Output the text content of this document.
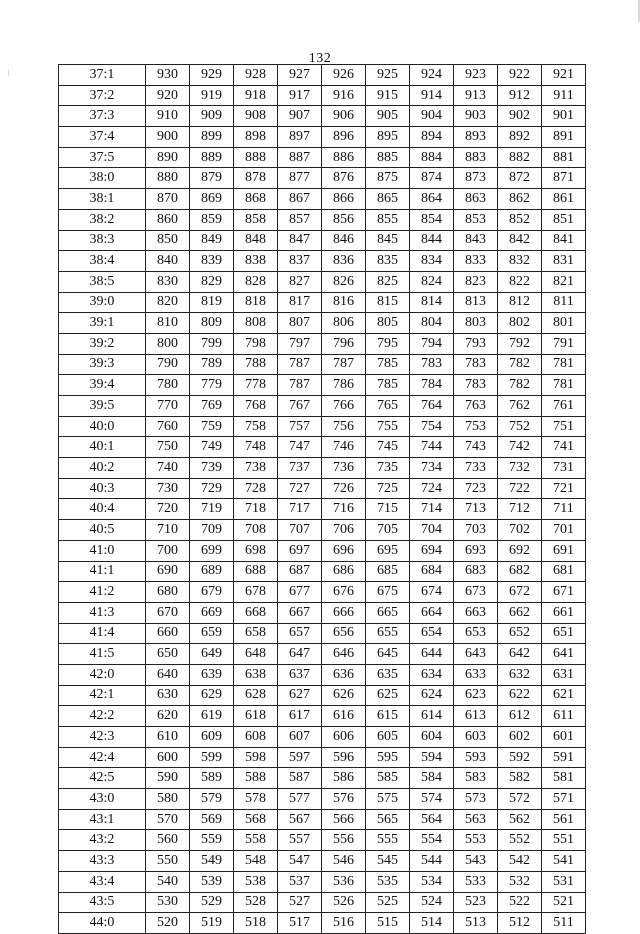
132
37:1	930	929	928	927	926	925	924	923	922	921
37:2	920	919	918	917	916	915	914	913	912	911
37:3	910	909	908	907	906	905	904	903	902	901
37:4	900	899	898	897	896	895	894	893	892	891
37:5	890	889	888	887	886	885	884	883	882	881
38:0	880	879	878	877	876	875	874	873	872	871
38:1	870	869	868	867	866	865	864	863	862	861
38:2	860	859	858	857	856	855	854	853	852	851
38:3	850	849	848	847	846	845	844	843	842	841
38:4	840	839	838	837	836	835	834	833	832	831
38:5	830	829	828	827	826	825	824	823	822	821
39:0	820	819	818	817	816	815	814	813	812	811
39:1	810	809	808	807	806	805	804	803	802	801
39:2	800	799	798	797	796	795	794	793	792	791
39:3	790	789	788	787	787	785	783	783	782	781
39:4	780	779	778	787	786	785	784	783	782	781
39:5	770	769	768	767	766	765	764	763	762	761
40:0	760	759	758	757	756	755	754	753	752	751
40:1	750	749	748	747	746	745	744	743	742	741
40:2	740	739	738	737	736	735	734	733	732	731
40:3	730	729	728	727	726	725	724	723	722	721
40:4	720	719	718	717	716	715	714	713	712	711
40:5	710	709	708	707	706	705	704	703	702	701
41:0	700	699	698	697	696	695	694	693	692	691
41:1	690	689	688	687	686	685	684	683	682	681
41:2	680	679	678	677	676	675	674	673	672	671
41:3	670	669	668	667	666	665	664	663	662	661
41:4	660	659	658	657	656	655	654	653	652	651
41:5	650	649	648	647	646	645	644	643	642	641
42:0	640	639	638	637	636	635	634	633	632	631
42:1	630	629	628	627	626	625	624	623	622	621
42:2	620	619	618	617	616	615	614	613	612	611
42:3	610	609	608	607	606	605	604	603	602	601
42:4	600	599	598	597	596	595	594	593	592	591
42:5	590	589	588	587	586	585	584	583	582	581
43:0	580	579	578	577	576	575	574	573	572	571
43:1	570	569	568	567	566	565	564	563	562	561
43:2	560	559	558	557	556	555	554	553	552	551
43:3	550	549	548	547	546	545	544	543	542	541
43:4	540	539	538	537	536	535	534	533	532	531
43:5	530	529	528	527	526	525	524	523	522	521
44:0	520	519	518	517	516	515	514	513	512	511
